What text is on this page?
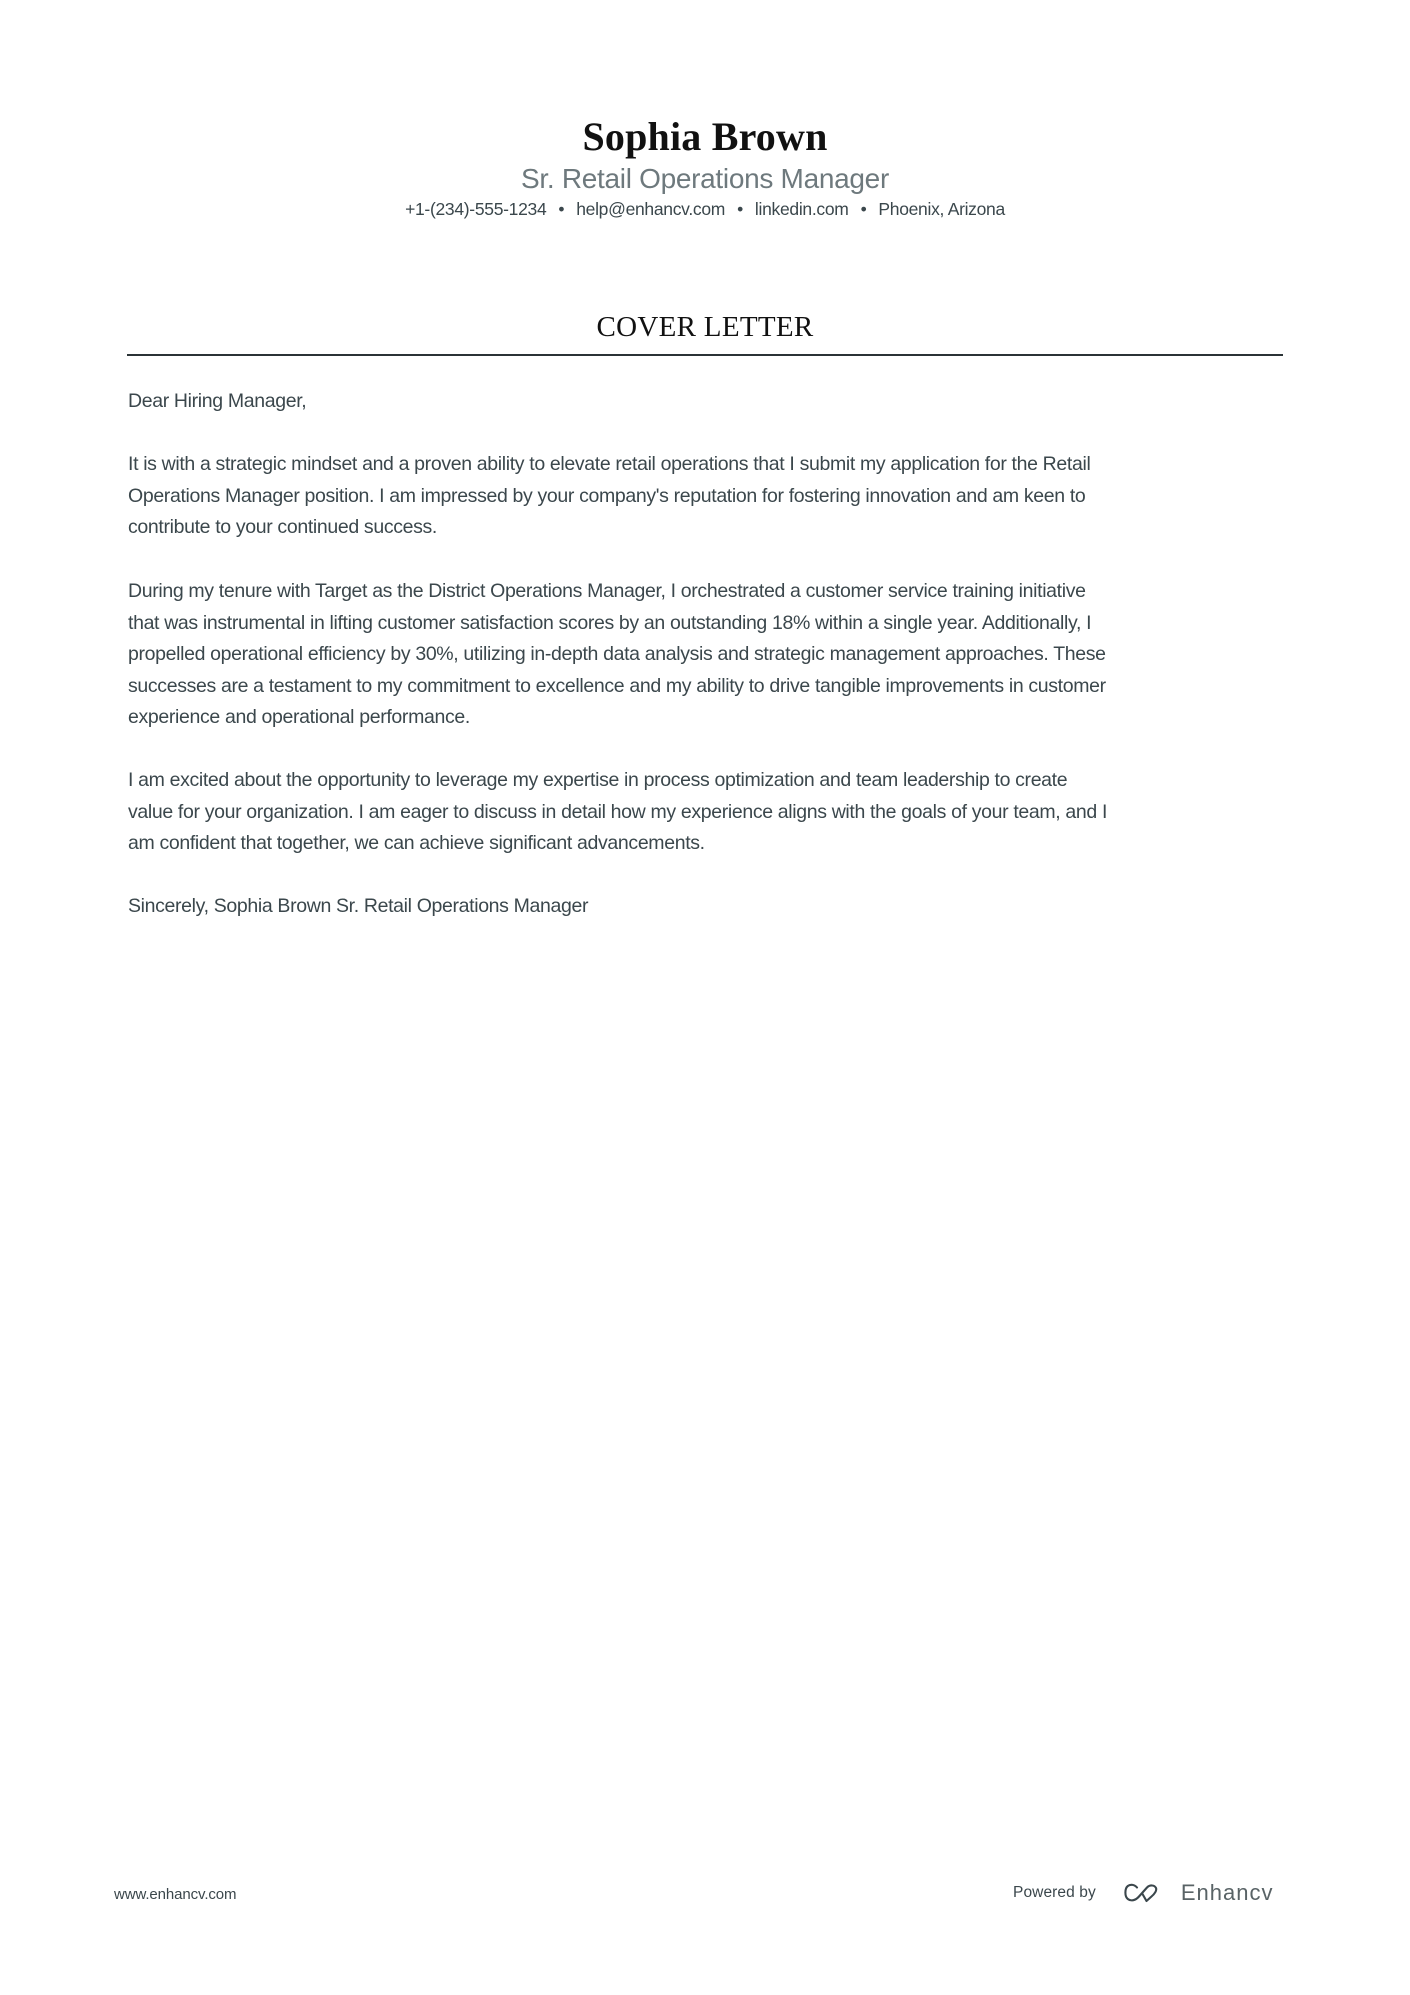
Sophia Brown
Sr. Retail Operations Manager
+1-(234)-555-1234 • help@enhancv.com • linkedin.com • Phoenix, Arizona
COVER LETTER
Dear Hiring Manager,
It is with a strategic mindset and a proven ability to elevate retail operations that I submit my application for the Retail
Operations Manager position. I am impressed by your company's reputation for fostering innovation and am keen to
contribute to your continued success.
During my tenure with Target as the District Operations Manager, I orchestrated a customer service training initiative
that was instrumental in lifting customer satisfaction scores by an outstanding 18% within a single year. Additionally, I
propelled operational efficiency by 30%, utilizing in-depth data analysis and strategic management approaches. These
successes are a testament to my commitment to excellence and my ability to drive tangible improvements in customer
experience and operational performance.
I am excited about the opportunity to leverage my expertise in process optimization and team leadership to create
value for your organization. I am eager to discuss in detail how my experience aligns with the goals of your team, and I
am confident that together, we can achieve significant advancements.
Sincerely, Sophia Brown Sr. Retail Operations Manager
www.enhancv.com	Powered by	Enhancv
